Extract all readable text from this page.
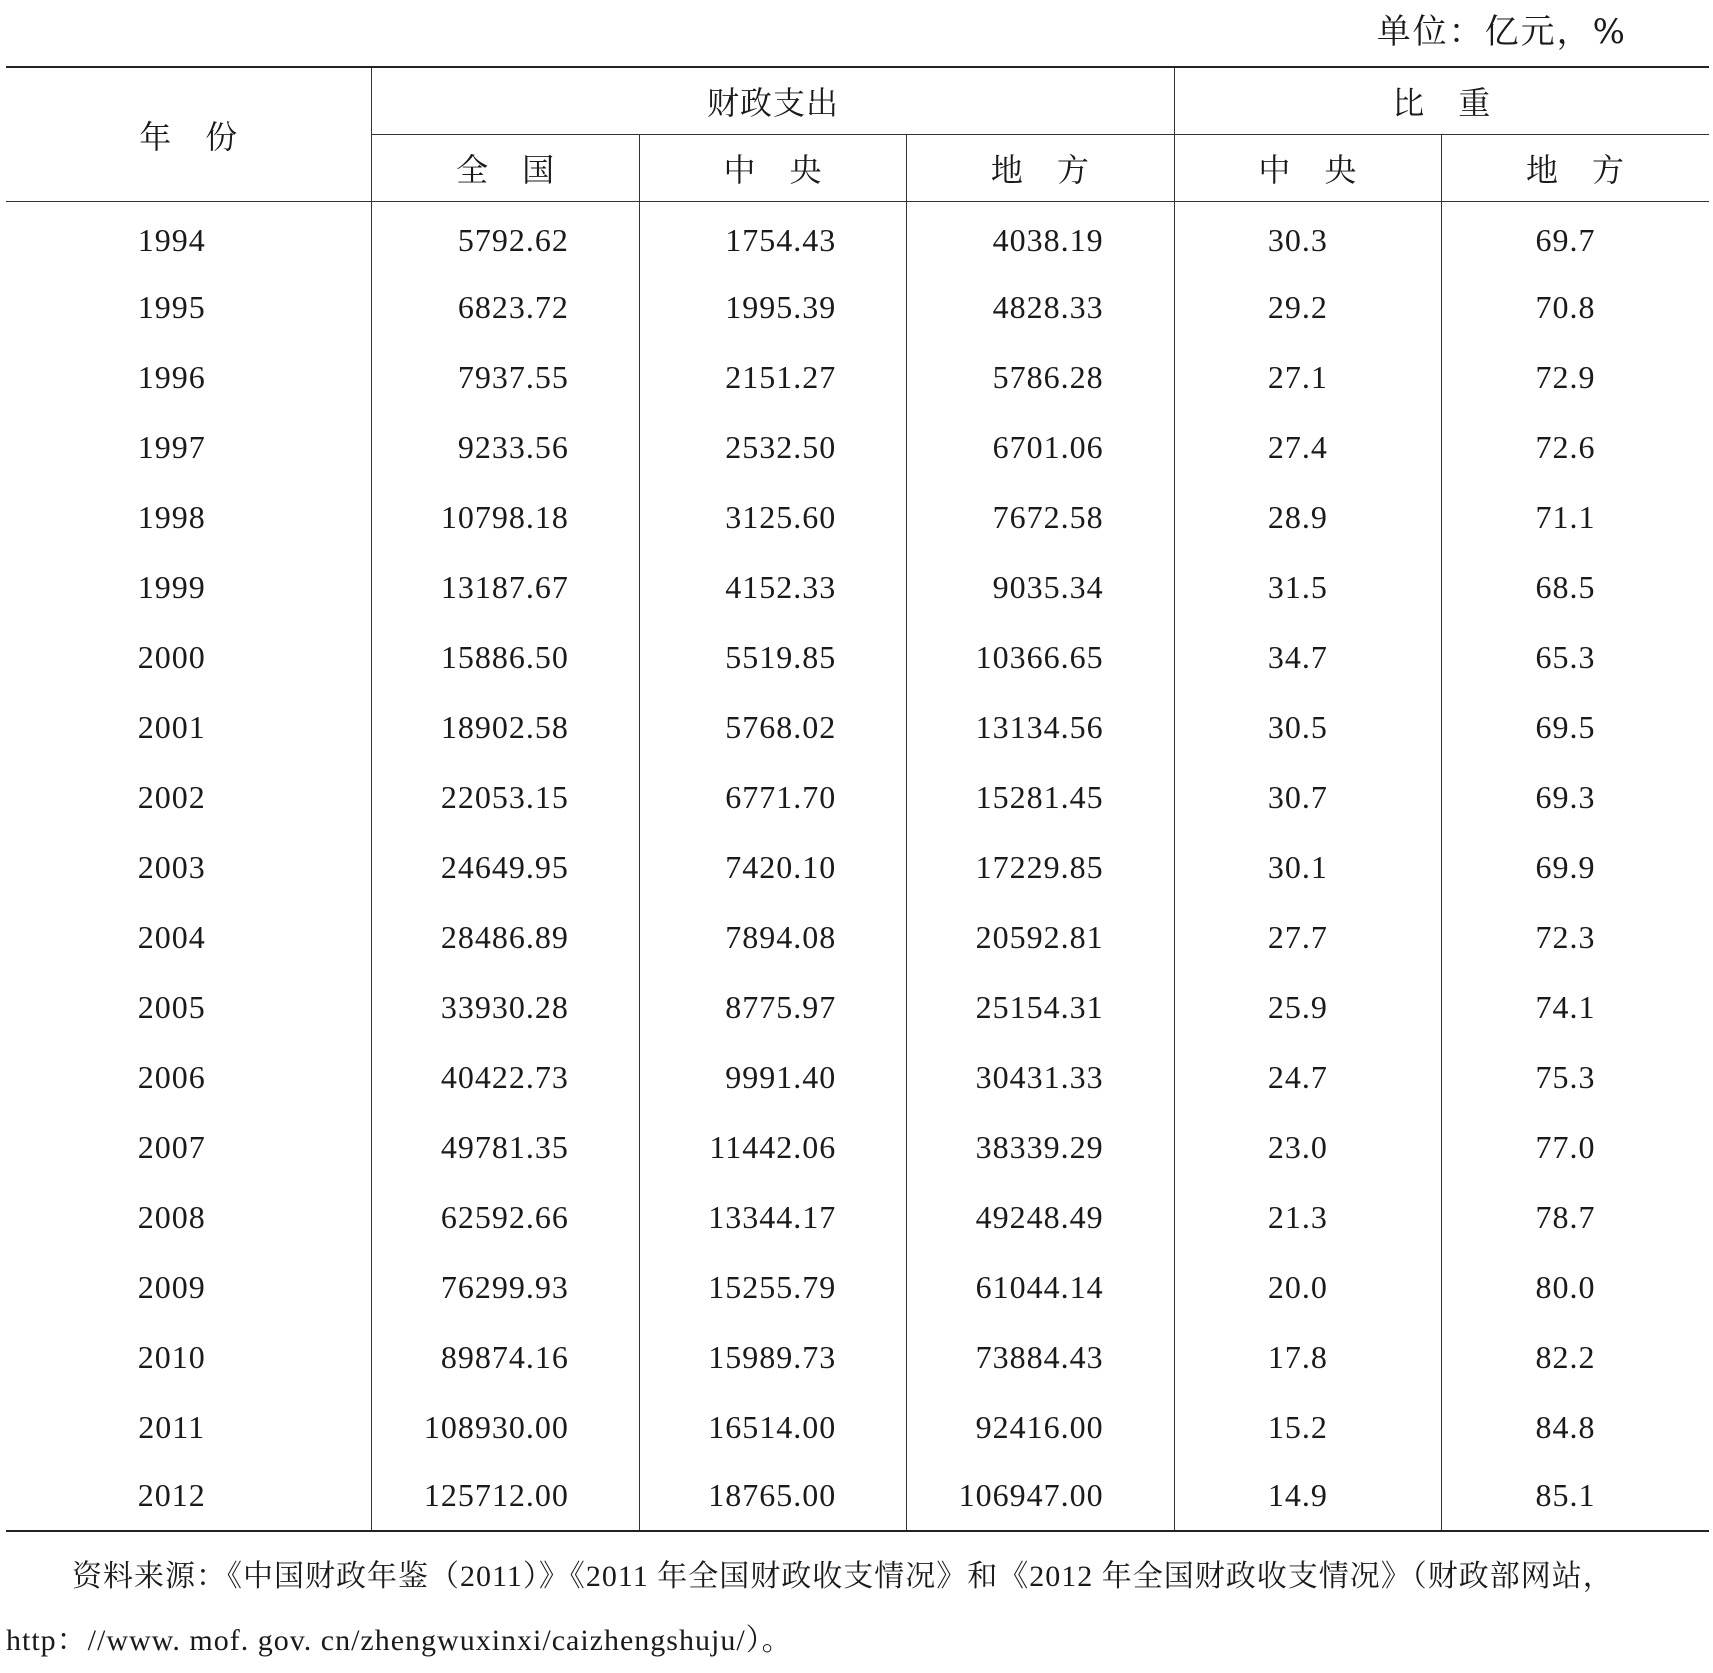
单位：亿元，%
年　份	财政支出			比　重	
	全　国	中　央	地　方	中　央	地　方
1994	5792.62	1754.43	4038.19	30.3	69.7
1995	6823.72	1995.39	4828.33	29.2	70.8
1996	7937.55	2151.27	5786.28	27.1	72.9
1997	9233.56	2532.50	6701.06	27.4	72.6
1998	10798.18	3125.60	7672.58	28.9	71.1
1999	13187.67	4152.33	9035.34	31.5	68.5
2000	15886.50	5519.85	10366.65	34.7	65.3
2001	18902.58	5768.02	13134.56	30.5	69.5
2002	22053.15	6771.70	15281.45	30.7	69.3
2003	24649.95	7420.10	17229.85	30.1	69.9
2004	28486.89	7894.08	20592.81	27.7	72.3
2005	33930.28	8775.97	25154.31	25.9	74.1
2006	40422.73	9991.40	30431.33	24.7	75.3
2007	49781.35	11442.06	38339.29	23.0	77.0
2008	62592.66	13344.17	49248.49	21.3	78.7
2009	76299.93	15255.79	61044.14	20.0	80.0
2010	89874.16	15989.73	73884.43	17.8	82.2
2011	108930.00	16514.00	92416.00	15.2	84.8
2012	125712.00	18765.00	106947.00	14.9	85.1
资料来源：《中国财政年鉴（2011）》《2011 年全国财政收支情况》和《2012 年全国财政收支情况》（财政部网站，http：//www. mof. gov. cn/zhengwuxinxi/caizhengshuju/）。
